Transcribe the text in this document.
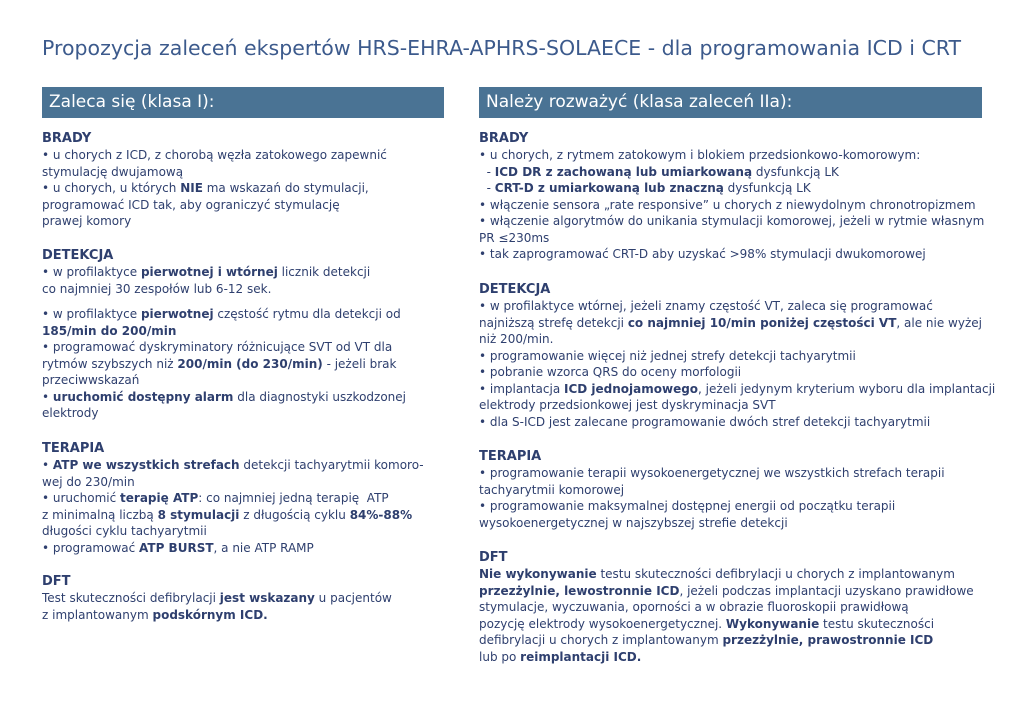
Propozycja zaleceń ekspertów HRS-EHRA-APHRS-SOLAECE - dla programowania ICD i CRT
Zaleca się (klasa I):
BRADY
• u chorych z ICD, z chorobą węzła zatokowego zapewnić
stymulację dwujamową
• u chorych, u których NIE ma wskazań do stymulacji,
programować ICD tak, aby ograniczyć stymulację
prawej komory
DETEKCJA
• w profilaktyce pierwotnej i wtórnej licznik detekcji
co najmniej 30 zespołów lub 6-12 sek.
• w profilaktyce pierwotnej częstość rytmu dla detekcji od
185/min do 200/min
• programować dyskryminatory różnicujące SVT od VT dla
rytmów szybszych niż 200/min (do 230/min) - jeżeli brak
przeciwwskazań
• uruchomić dostępny alarm dla diagnostyki uszkodzonej
elektrody
TERAPIA
• ATP we wszystkich strefach detekcji tachyarytmii komoro-
wej do 230/min
• uruchomić terapię ATP: co najmniej jedną terapię  ATP
z minimalną liczbą 8 stymulacji z długością cyklu 84%-88%
długości cyklu tachyarytmii
• programować ATP BURST, a nie ATP RAMP
DFT
Test skuteczności defibrylacji jest wskazany u pacjentów
z implantowanym podskórnym ICD.
Należy rozważyć (klasa zaleceń IIa):
BRADY
• u chorych, z rytmem zatokowym i blokiem przedsionkowo-komorowym:
- ICD DR z zachowaną lub umiarkowaną dysfunkcją LK
- CRT-D z umiarkowaną lub znaczną dysfunkcją LK
• włączenie sensora „rate responsive” u chorych z niewydolnym chronotropizmem
• włączenie algorytmów do unikania stymulacji komorowej, jeżeli w rytmie własnym
PR ≤230ms
• tak zaprogramować CRT-D aby uzyskać >98% stymulacji dwukomorowej
DETEKCJA
• w profilaktyce wtórnej, jeżeli znamy częstość VT, zaleca się programować
najniższą strefę detekcji co najmniej 10/min poniżej częstości VT, ale nie wyżej
niż 200/min.
• programowanie więcej niż jednej strefy detekcji tachyarytmii
• pobranie wzorca QRS do oceny morfologii
• implantacja ICD jednojamowego, jeżeli jedynym kryterium wyboru dla implantacji
elektrody przedsionkowej jest dyskryminacja SVT
• dla S-ICD jest zalecane programowanie dwóch stref detekcji tachyarytmii
TERAPIA
• programowanie terapii wysokoenergetycznej we wszystkich strefach terapii
tachyarytmii komorowej
• programowanie maksymalnej dostępnej energii od początku terapii
wysokoenergetycznej w najszybszej strefie detekcji
DFT
Nie wykonywanie testu skuteczności defibrylacji u chorych z implantowanym
przezżylnie, lewostronnie ICD, jeżeli podczas implantacji uzyskano prawidłowe
stymulacje, wyczuwania, oporności a w obrazie fluoroskopii prawidłową
pozycję elektrody wysokoenergetycznej. Wykonywanie testu skuteczności
defibrylacji u chorych z implantowanym przezżylnie, prawostronnie ICD
lub po reimplantacji ICD.
